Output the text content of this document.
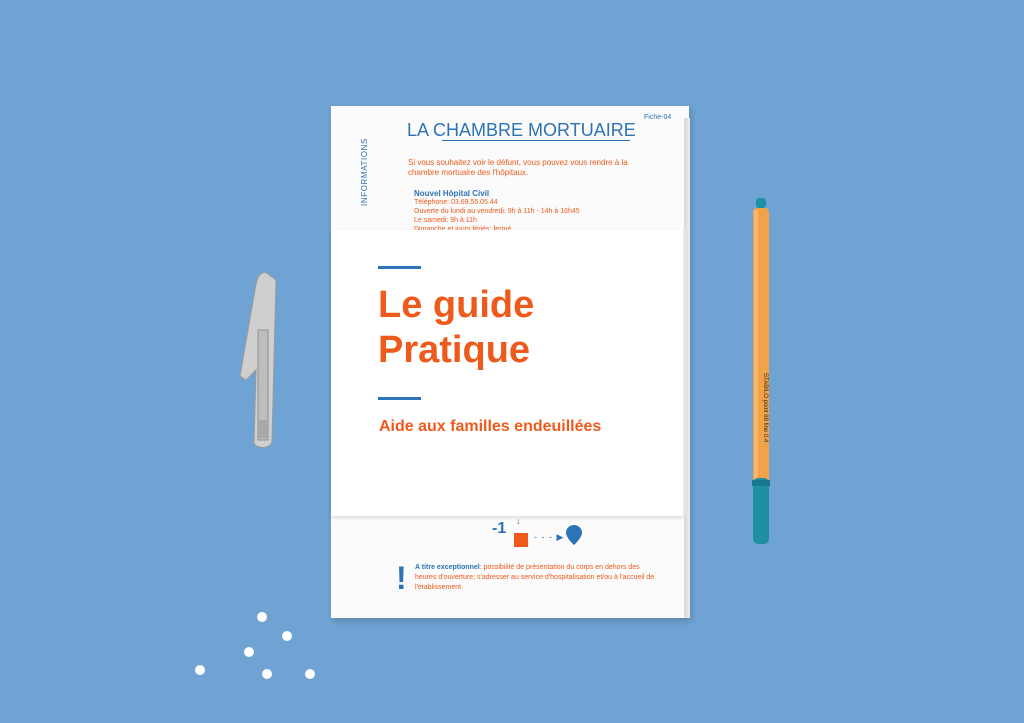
Fiche-04
INFORMATIONS
LA CHAMBRE MORTUAIRE
Si vous souhaitez voir le défunt, vous pouvez vous rendre à la chambre mortuaire des l'hôpitaux.
Nouvel Hôpital Civil
Téléphone: 03.69.55.05.44
Ouverte du lundi au vendredi: 9h à 11h - 14h à 16h45
Le samedi: 9h à 11h
Le guide
Pratique
Aide aux familles endeuillées
-1 ↓
- - - ▶
! A titre exceptionnel: possibilité de présentation du corps en dehors des heures d'ouverture; s'adresser au service d'hospitalisation et/ou à l'accueil de l'établissement.
STABILO point 88 fine 0.4
